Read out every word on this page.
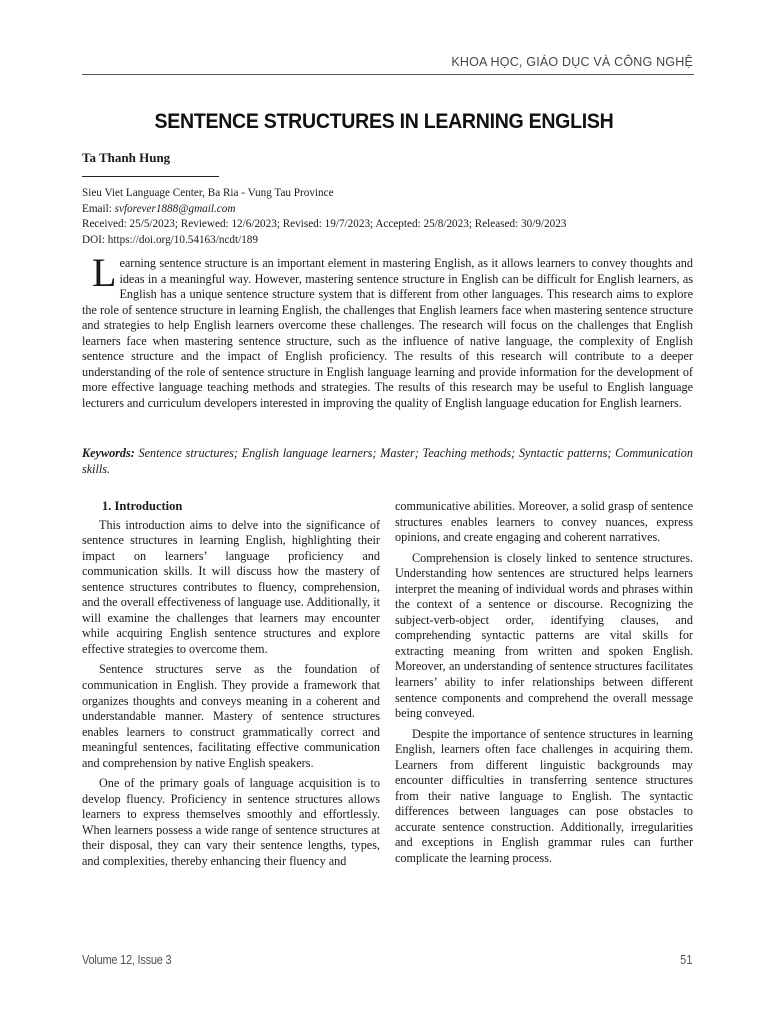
KHOA HỌC, GIÁO DỤC VÀ CÔNG NGHỆ
SENTENCE STRUCTURES IN LEARNING ENGLISH
Ta Thanh Hung
Sieu Viet Language Center, Ba Ria - Vung Tau Province
Email: svforever1888@gmail.com
Received: 25/5/2023; Reviewed: 12/6/2023; Revised: 19/7/2023; Accepted: 25/8/2023; Released: 30/9/2023
DOI: https://doi.org/10.54163/ncdt/189
Learning sentence structure is an important element in mastering English, as it allows learners to convey thoughts and ideas in a meaningful way. However, mastering sentence structure in English can be difficult for English learners, as English has a unique sentence structure system that is different from other languages. This research aims to explore the role of sentence structure in learning English, the challenges that English learners face when mastering sentence structure and strategies to help English learners overcome these challenges. The research will focus on the challenges that English learners face when mastering sentence structure, such as the influence of native language, the complexity of English sentence structure and the impact of English proficiency. The results of this research will contribute to a deeper understanding of the role of sentence structure in English language learning and provide information for the development of more effective language teaching methods and strategies. The results of this research may be useful to English language lecturers and curriculum developers interested in improving the quality of English language education for English learners.
Keywords: Sentence structures; English language learners; Master; Teaching methods; Syntactic patterns; Communication skills.
1. Introduction

This introduction aims to delve into the significance of sentence structures in learning English, highlighting their impact on learners’ language proficiency and communication skills. It will discuss how the mastery of sentence structures contributes to fluency, comprehension, and the overall effectiveness of language use. Additionally, it will examine the challenges that learners may encounter while acquiring English sentence structures and explore effective strategies to overcome them.

Sentence structures serve as the foundation of communication in English. They provide a framework that organizes thoughts and conveys meaning in a coherent and understandable manner. Mastery of sentence structures enables learners to construct grammatically correct and meaningful sentences, facilitating effective communication and comprehension by native English speakers.

One of the primary goals of language acquisition is to develop fluency. Proficiency in sentence structures allows learners to express themselves smoothly and effortlessly. When learners possess a wide range of sentence structures at their disposal, they can vary their sentence lengths, types, and complexities, thereby enhancing their fluency and

communicative abilities. Moreover, a solid grasp of sentence structures enables learners to convey nuances, express opinions, and create engaging and coherent narratives.

Comprehension is closely linked to sentence structures. Understanding how sentences are structured helps learners interpret the meaning of individual words and phrases within the context of a sentence or discourse. Recognizing the subject-verb-object order, identifying clauses, and comprehending syntactic patterns are vital skills for extracting meaning from written and spoken English. Moreover, an understanding of sentence structures facilitates learners’ ability to infer relationships between different sentence components and comprehend the overall message being conveyed.

Despite the importance of sentence structures in learning English, learners often face challenges in acquiring them. Learners from different linguistic backgrounds may encounter difficulties in transferring sentence structures from their native language to English. The syntactic differences between languages can pose obstacles to accurate sentence construction. Additionally, irregularities and exceptions in English grammar rules can further complicate the learning process.

Volume 12, Issue 3	51
